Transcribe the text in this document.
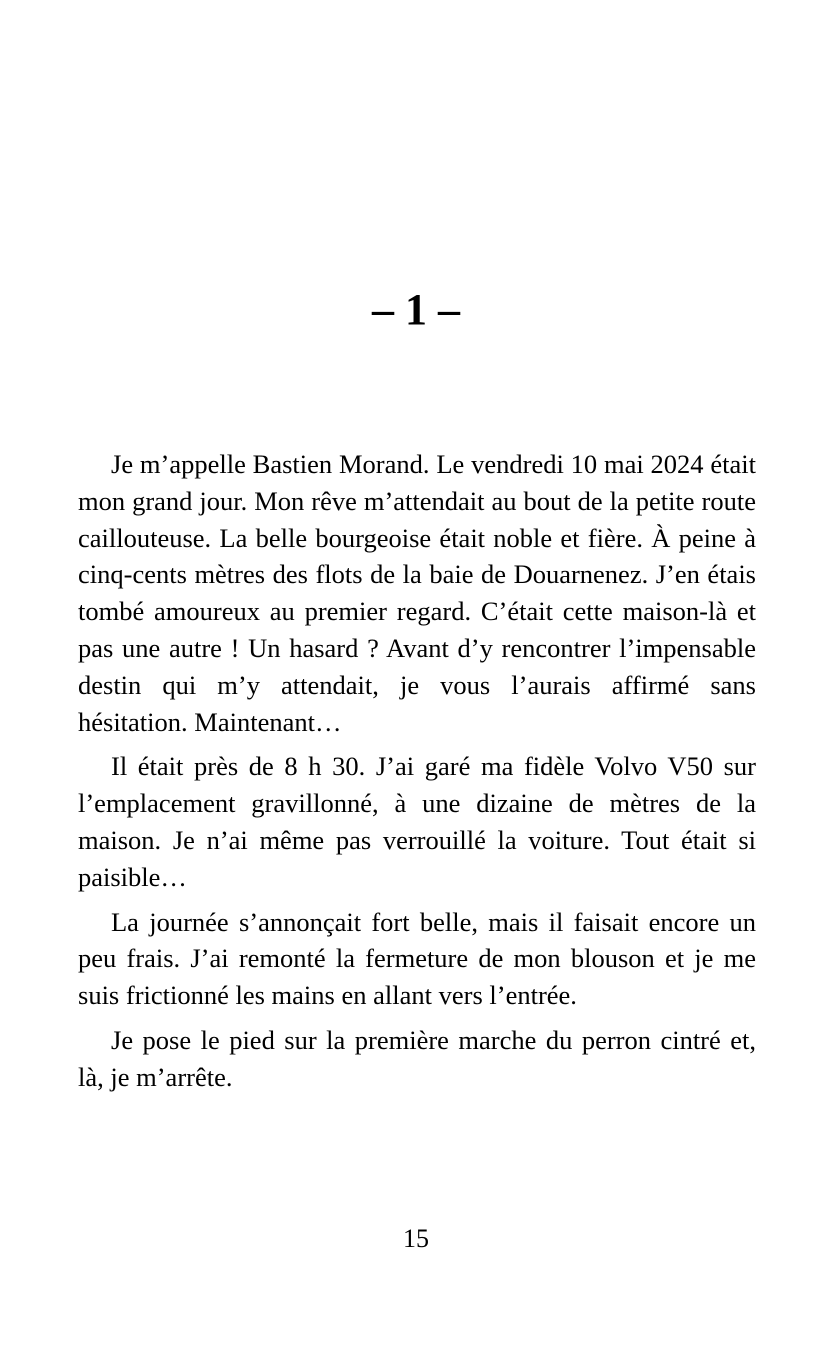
– 1 –

Je m’appelle Bastien Morand. Le vendredi 10 mai 2024 était mon grand jour. Mon rêve m’attendait au bout de la petite route caillouteuse. La belle bourgeoise était noble et fière. À peine à cinq-cents mètres des flots de la baie de Douarnenez. J’en étais tombé amoureux au premier regard. C’était cette maison-là et pas une autre ! Un hasard ? Avant d’y rencontrer l’impensable destin qui m’y attendait, je vous l’aurais affirmé sans hésitation. Maintenant…

Il était près de 8 h 30. J’ai garé ma fidèle Volvo V50 sur l’emplacement gravillonné, à une dizaine de mètres de la maison. Je n’ai même pas verrouillé la voiture. Tout était si paisible…

La journée s’annonçait fort belle, mais il faisait encore un peu frais. J’ai remonté la fermeture de mon blouson et je me suis frictionné les mains en allant vers l’entrée.

Je pose le pied sur la première marche du perron cintré et, là, je m’arrête.

15
